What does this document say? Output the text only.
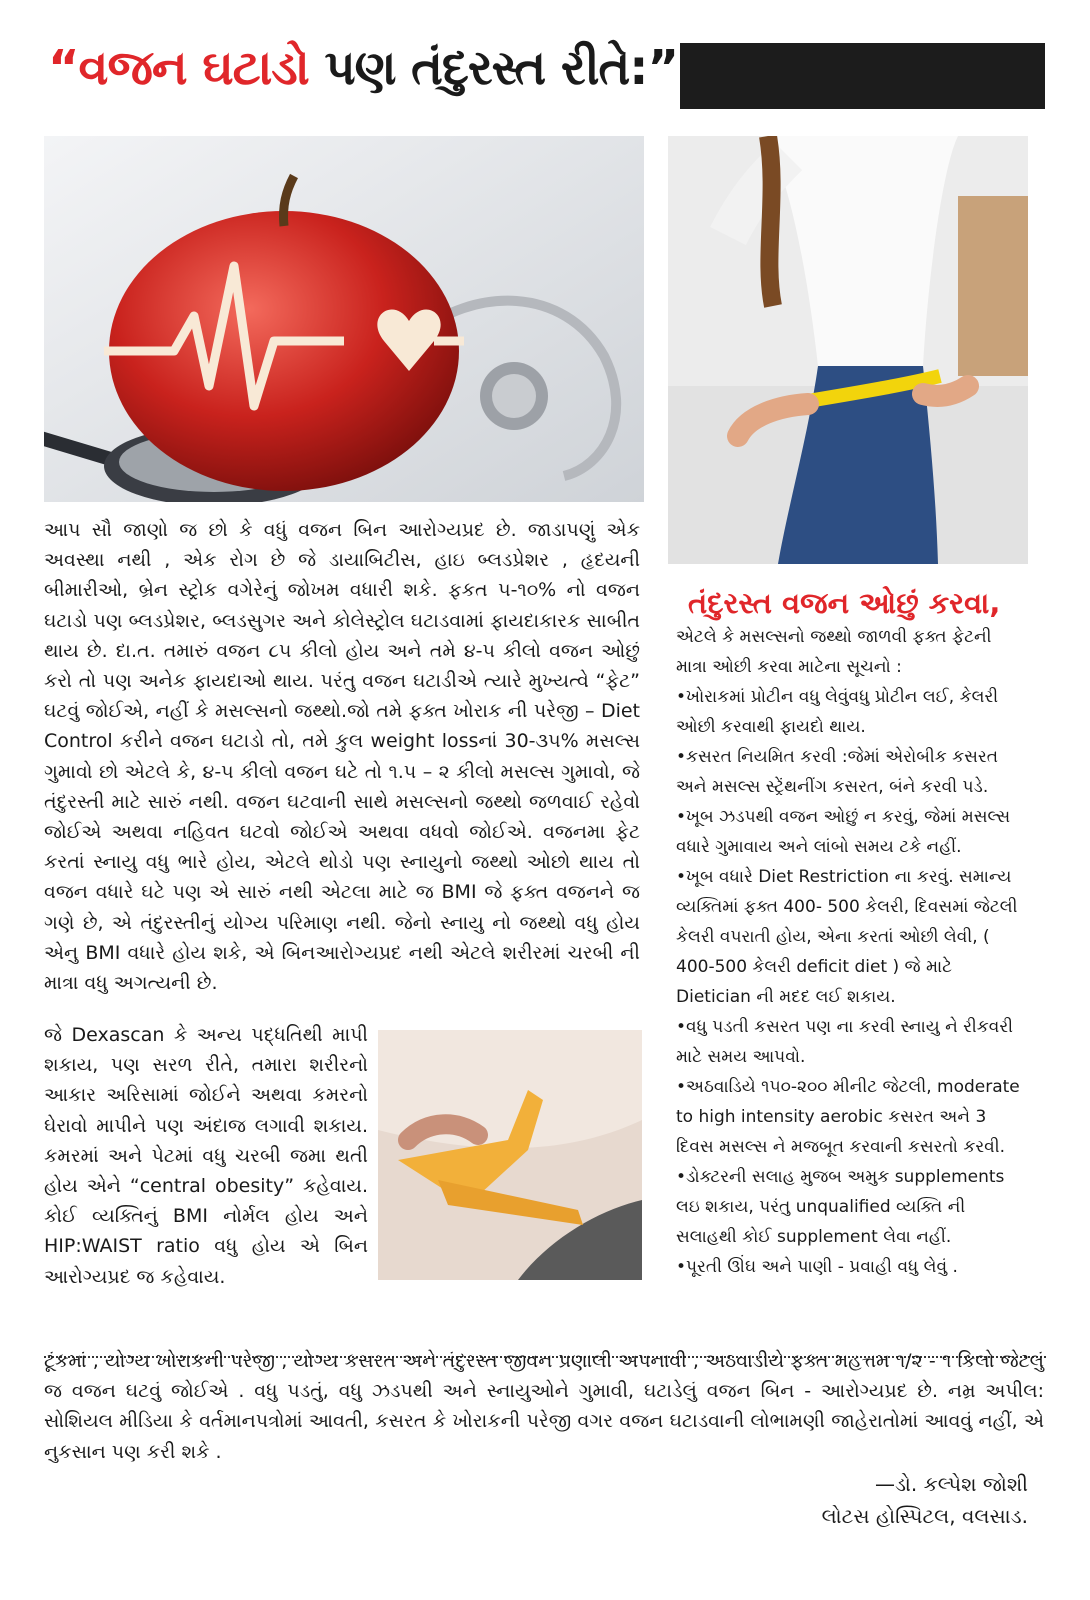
“વજન ઘટાડો પણ તંદુરસ્ત રીતે:”
આપ સૌ જાણો જ છો કે વધું વજન બિન આરોગ્યપ્રદ છે. જાડાપણું એક અવસ્થા નથી , એક રોગ છે જે ડાયાબિટીસ, હાઇ બ્લડપ્રેશર , હૃદયની બીમારીઓ, બ્રેન સ્ટ્રોક વગેરેનું જોખમ વધારી શકે. ફકત ૫-૧૦% નો વજન ઘટાડો પણ બ્લડપ્રેશર, બ્લડસુગર અને કોલેસ્ટ્રોલ ઘટાડવામાં ફાયદાકારક સાબીત થાય છે. દા.ત. તમારું વજન ૮૫ કીલો હોય અને તમે ૪-૫ કીલો વજન ઓછું કરો તો પણ અનેક ફાયદાઓ થાય. પરંતુ વજન ઘટાડીએ ત્યારે મુખ્યત્વે “ફેટ” ઘટવું જોઈએ, નહીં કે મસલ્સનો જથ્થો.જો તમે ફક્ત ખોરાક ની પરેજી – Diet Control કરીને વજન ઘટાડો તો, તમે કુલ weight lossનાં 30-૩૫% મસલ્સ ગુમાવો છો એટલે કે, ૪-૫ કીલો વજન ઘટે તો ૧.૫ – ૨ કીલો મસલ્સ ગુમાવો, જે તંદુરસ્તી માટે સારું નથી. વજન ઘટવાની સાથે મસલ્સનો જથ્થો જળવાઈ રહેવો જોઈએ અથવા નહિવત ઘટવો જોઈએ અથવા વધવો જોઈએ. વજનમા ફેટ કરતાં સ્નાયુ વધુ ભારે હોય, એટલે થોડો પણ સ્નાયુનો જથ્થો ઓછો થાય તો વજન વધારે ઘટે પણ એ સારું નથી એટલા માટે જ BMI જે ફક્ત વજનને જ ગણે છે, એ તંદુરસ્તીનું યોગ્ય પરિમાણ નથી. જેનો સ્નાયુ નો જથ્થો વધુ હોય એનુ BMI વધારે હોય શકે, એ બિનઆરોગ્યપ્રદ નથી એટલે શરીરમાં ચરબી ની માત્રા વધુ અગત્યની છે.
જે Dexascan કે અન્ય પદ્ધતિથી માપી શકાય, પણ સરળ રીતે, તમારા શરીરનો આકાર અરિસામાં જોઈને અથવા કમરનો ઘેરાવો માપીને પણ અંદાજ લગાવી શકાય. કમરમાં અને પેટમાં વધુ ચરબી જમા થતી હોય એને “central obesity” કહેવાય. કોઈ વ્યક્તિનું BMI નોર્મલ હોય અને HIP:WAIST ratio વધુ હોય એ બિન આરોગ્યપ્રદ જ કહેવાય.
તંદુરસ્ત વજન ઓછું કરવા,
એટલે કે મસલ્સનો જથ્થો જાળવી ફક્ત ફેટની માત્રા ઓછી કરવા માટેના સૂચનો :
•ખોરાકમાં પ્રોટીન વધુ લેવુંવધુ પ્રોટીન લઈ, કેલરી ઓછી કરવાથી ફાયદો થાય.
•કસરત નિયમિત કરવી :જેમાં એરોબીક કસરત અને મસલ્સ સ્ટ્રેંથનીંગ કસરત, બંને કરવી પડે.
•ખૂબ ઝડપથી વજન ઓછું ન કરવું, જેમાં મસલ્સ વધારે ગુમાવાય અને લાંબો સમય ટકે નહીં.
•ખૂબ વધારે Diet Restriction ના કરવું. સમાન્ય વ્યક્તિમાં ફક્ત 400- 500 કેલરી, દિવસમાં જેટલી કેલરી વપરાતી હોય, એના કરતાં ઓછી લેવી, ( 400-500 કેલરી deficit diet ) જે માટે Dietician ની મદદ લઈ શકાય.
•વધુ પડતી કસરત પણ ના કરવી સ્નાયુ ને રીકવરી માટે સમય આપવો.
•અઠવાડિયે ૧૫૦-૨૦૦ મીનીટ જેટલી, moderate to high intensity aerobic કસરત અને 3 દિવસ મસલ્સ ને મજબૂત કરવાની કસરતો કરવી.
•ડોક્ટરની સલાહ મુજબ અમુક supplements લઇ શકાય, પરંતુ unqualified વ્યક્તિ ની સલાહથી કોઈ supplement લેવા નહીં.
•પૂરતી ઊંઘ અને પાણી - પ્રવાહી વધુ લેવું .
ટૂંકમાં , યોગ્ય ખોરાકની પરેજી , યોગ્ય કસરત અને તંદુરસ્ત જીવન પ્રણાલી અપનાવી , અઠવાડીયે ફક્ત મહત્તમ ૧/૨ - ૧ કિલો જેટલું જ વજન ઘટવું જોઈએ . વધુ પડતું, વધુ ઝડપથી અને સ્નાયુઓને ગુમાવી, ઘટાડેલું વજન બિન - આરોગ્યપ્રદ છે. નમ્ર અપીલ: સોશિયલ મીડિયા કે વર્તમાનપત્રોમાં આવતી, કસરત કે ખોરાકની પરેજી વગર વજન ઘટાડવાની લોભામણી જાહેરાતોમાં આવવું નહીં, એ નુકસાન પણ કરી શકે .
—ડો. કલ્પેશ જોશી
લોટસ હોસ્પિટલ, વલસાડ.
